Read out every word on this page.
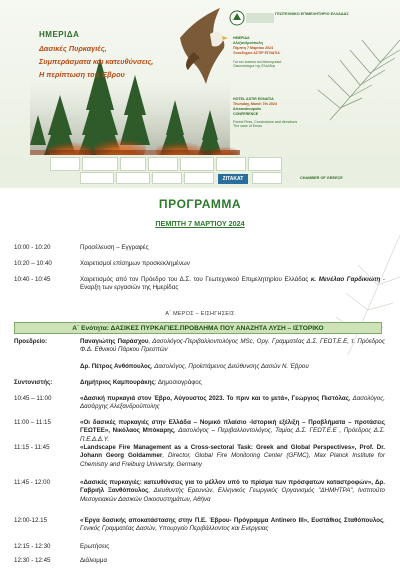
ΗΜΕΡΙΔΑ
Δασικές Πυρκαγιές,
Συμπεράσματα και κατευθύνσεις,
Η περίπτωση του Έβρου
ΓΕΩΤΕΧΝΙΚΟ ΕΠΙΜΕΛΗΤΗΡΙΟ ΕΛΛΑΔΑΣ
ΗΜΕΡΙΔΑ
Αλεξανδρούπολη
Πέμπτη 7 Μαρτίου 2024
Ξενοδοχείο ΑΣΤΙΡ ΕΓΝΑΤΙΑ
Για τον Δασικό και Μεσογειακό
Οικοσύστημα της Ελλάδας
HOTEL ASTIR EGNATIA
Thursday, March 7th 2024
Alexandroupolis
CONFERENCE
Forest Fires, Conclusions and directions
The case of Evros
ZITAKAT	CHAMBER OF GREECE
ΠΡΟΓΡΑΜΜΑ
ΠΕΜΠΤΗ 7 ΜΑΡΤΙΟΥ 2024
10:00 - 10:20	Προσέλευση – Εγγραφές
10:20 – 10:40	Χαιρετισμοί επίσημων προσκεκλημένων
10:40 - 10:45	Χαιρετισμός από τον Πρόεδρο του Δ.Σ. του Γεωτεχνικού Επιμελητηρίου Ελλάδας κ. Μενέλαο Γαρδικιώτη - Εναρξη των εργασιών της Ημερίδας
Α΄ ΜΕΡΟΣ – ΕΙΣΗΓΗΣΕΙΣ
Α΄ Ενότητα: ΔΑΣΙΚΕΣ ΠΥΡΚΑΓΙΕΣ.ΠΡΟΒΛΗΜΑ ΠΟΥ ΑΝΑΖΗΤΑ ΛΥΣΗ – ΙΣΤΟΡΙΚΟ
Προεδρείο:	Παναγιώτης Παράσχου, Δασολόγος-Περιβαλλοντολόγος MSc, Οργ. Γραμματέας Δ.Σ. ΓΕΩΤ.Ε.Ε, τ. Πρόεδρος Φ.Δ. Εθνικού Πάρκου Πρεσπών
Δρ. Πέτρος Ανθόπουλος, Δασολόγος, Προϊστάμενος Διεύθυνσης Δασών Ν. Έβρου
Συντονιστής:	Δημήτριος Καμπουράκης: Δημοσιογράφος
10:45 – 11:00	«Δασική πυρκαγιά στον Έβρο, Αύγουστος 2023. Το πριν και το μετά», Γεώργιος Πιστόλας, Δασολόγος, Δασάρχης Αλεξανδρούπολης
11:00 – 11:15	«Οι δασικές πυρκαγιές στην Ελλάδα – Νομικό πλαίσιο -Ιστορική εξέλιξη – Προβλήματα – προτάσεις ΓΕΩΤΕΕ», Νικόλαος Μπόκαρης, Δασολόγος – Περιβαλλοντολόγος, Ταμίας Δ.Σ. ΓΕΩΤ.Ε.Ε , Πρόεδρος Δ.Σ. Π.Ε.Δ.Δ.Υ.
11:15 - 11:45	«Landscape Fire Management as a Cross-sectoral Task: Greek and Global Perspectives», Prof. Dr. Johann Georg Goldammer, Director, Global Fire Monitoring Center (GFMC), Max Planck Institute for Chemistry and Freiburg University, Germany
11:45 - 12:00	«Δασικές πυρκαγιές: κατευθύνσεις για το μέλλον υπό το πρίσμα των πρόσφατων καταστροφών», Δρ. Γαβριήλ Ξανθόπουλος, Διευθυντής Ερευνών, Ελληνικός Γεωργικός Οργανισμός "ΔΗΜΗΤΡΑ", Ινστιτούτο Μεσογειακών Δασικών Οικοσυστημάτων, Αθήνα
12:00-12.15	«Έργα δασικής αποκατάστασης στην Π.Ε. Έβρου- Πρόγραμμα Antinero III», Ευστάθιος Σταθόπουλος, Γενικός Γραμματέας Δασών, Υπουργείο Περιβάλλοντος και Ενεργειας
12:15 - 12:30	Ερωτήσεις
12:30 - 12:45	Διάλειμμα
